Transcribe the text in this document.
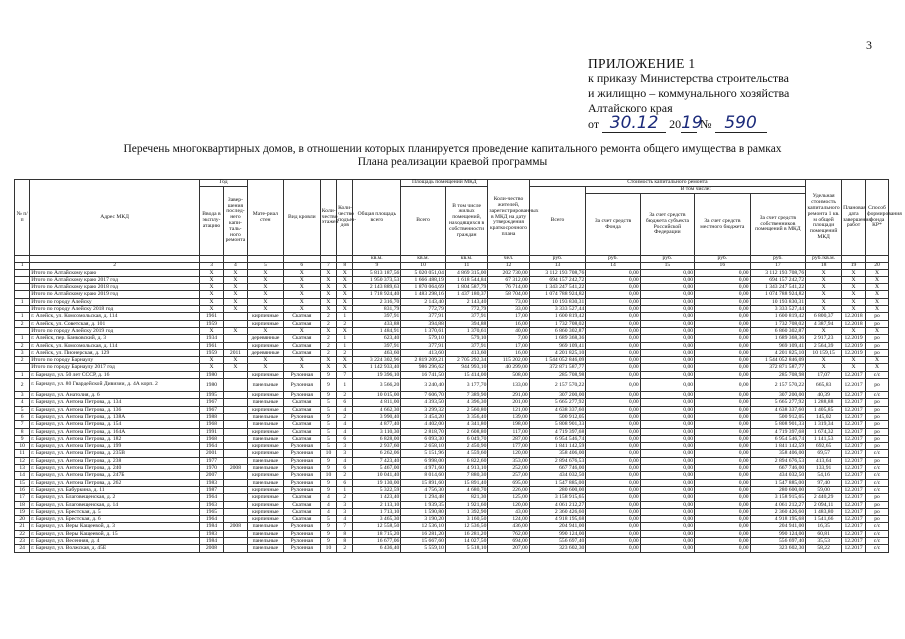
3
ПРИЛОЖЕНИЕ 1
к приказу Министерства строительства
и жилищно – коммунального хозяйства
Алтайского края
от 30.12 2019 № 590
Перечень многоквартирных домов, в отношении которых планируется проведение капитального ремонта общего имущества в рамках
Плана реализации краевой программы
№ п/п	Адрес МКД	Год		Мате-риал стен	Вид кровли	Коли-чество этажей	Коли-чество подъез-дов	Общая площадь всего	Площадь помещений МКД		Коли-чество жителей, зарегистрированных в МКД на дату утверждения краткосрочного плана	Стоимость капитального ремонта					Удельная стоимость капитального ремонта 1 кв. м общей площади помещений МКД	Плановая дата завершения работ	Способ формирования фонда КР*
		Ввода в эксплу-атацию	Завер-шения послед-него капи-таль-ного ремонта						Всего	В том числе жилых помещений, находящихся в собственности граждан		Всего	В том числе:						
													За счет средств Фонда	За счет средств бюджета субъекта Российской Федерации	За счет средств местного бюджета	За счет средств собственников помещений в МКД			
								кв.м.	кв.м.	кв.м.	чел.	руб.	руб.	руб.	руб.	руб.	руб./кв.м.		
1	2	3	4	5	6	7	8	9	10	11	12	13	14	15	16	17	18	19	20
	Итого по Алтайскому краю	X	X	X	X	X	X	5 813 187,56	5 020 051,04	4 869 315,00	202 730,00	3 112 193 708,76	0,00	0,00	0,00	3 112 193 708,76	X	X	X
	Итого по Алтайскому краю 2017 год	X	X	X	X	X	X	1 950 373,53	1 666 488,19	1 618 544,84	67 312,00	694 157 242,72	0,00	0,00	0,00	694 157 242,72	X	X	X
	Итого по Алтайскому краю 2018 год	X	X	X	X	X	X	2 143 889,63	1 870 064,69	1 804 587,79	76 714,00	1 343 247 541,22	0,00	0,00	0,00	1 343 247 541,22	X	X	X
	Итого по Алтайскому краю 2019 год	X	X	X	X	X	X	1 718 924,40	1 483 298,16	1 437 180,37	58 704,00	1 074 788 924,82	0,00	0,00	0,00	1 074 788 924,82	X	X	X
1	Итого по городу Алейску	X	X	X	X	X	X	2 316,70	2 143,40	2 143,40	73,00	10 193 830,31	0,00	0,00	0,00	10 193 830,31	X	X	X
	Итого по городу Алейску 2018 год	X	X	X	X	X	X	831,79	772,79	772,79	33,00	3 333 527,44	0,00	0,00	0,00	3 333 527,44	X	X	X
1	г. Алейск, ул. Комсомольская, д. 114	1961		кирпичные	Скатная	2	1	397,91	377,91	377,91	17,00	1 600 819,42	0,00	0,00	0,00	1 600 819,42	6 800,37	12.2018	ро
2	г. Алейск, ул. Советская, д. 101	1959		кирпичные	Скатная	2	2	433,88	394,88	394,88	16,00	1 732 708,02	0,00	0,00	0,00	1 732 708,02	4 387,94	12.2018	ро
	Итого по городу Алейску 2019 год	X	X	X	X	X	X	1 484,91	1 370,61	1 370,61	40,00	6 860 302,87	0,00	0,00	0,00	6 860 302,87	X	X	X
1	г. Алейск, пер. Банковский, д. 3	1934		деревянные	Скатная	2	1	623,40	579,10	579,10	7,00	1 689 368,36	0,00	0,00	0,00	1 689 368,36	2 917,23	12.2019	ро
2	г. Алейск, ул. Комсомольская, д. 114	1961		кирпичные	Скатная	2	1	397,91	377,91	377,91	17,00	969 109,41	0,00	0,00	0,00	969 109,41	2 564,39	12.2019	ро
3	г. Алейск, ул. Пионерская, д. 129	1959	2011	деревянные	Скатная	2	2	463,60	413,60	413,60	16,00	4 201 825,10	0,00	0,00	0,00	4 201 825,10	10 159,15	12.2019	ро
2	Итого по городу Барнаулу	X	X	X	X	X	X	3 224 302,96	2 819 209,21	2 705 292,34	115 202,00	1 544 052 846,09	0,00	0,00	0,00	1 544 052 846,09	X	X	X
	Итого по городу Барнаулу 2017 год	X	X	X	X	X	X	1 142 933,40	986 296,62	944 993,10	40 299,00	372 871 587,77	0,00	0,00	0,00	372 871 587,77	X	X	X
1	г. Барнаул, ул. 50 лет СССР, д. 16	1980		кирпичные	Рулонная	9	7	19 396,10	16 741,50	15 414,00	508,00	285 708,98	0,00	0,00	0,00	285 708,98	17,07	12.2017	с/с
2	г. Барнаул, ул. 80 Гвардейской Дивизии, д. 4А корп. 2	1980		панельные	Рулонная	9	1	3 566,20	3 240,40	3 177,70	133,00	2 157 570,22	0,00	0,00	0,00	2 157 570,22	665,83	12.2017	ро
3	г. Барнаул, ул. Анатолия, д. 6	1995		кирпичные	Рулонная	9	2	10 015,00	7 606,70	7 389,90	291,00	307 200,00	0,00	0,00	0,00	307 200,00	40,39	12.2017	с/с
4	г. Барнаул, ул. Антона Петрова, д. 134	1967		панельные	Скатная	5	6	4 811,00	4 393,50	4 396,30	201,00	5 665 277,92	0,00	0,00	0,00	5 665 277,92	1 288,88	12.2017	ро
5	г. Барнаул, ул. Антона Петрова, д. 136	1967		кирпичные	Скатная	5	4	4 662,30	3 299,32	2 560,80	121,00	4 638 337,60	0,00	0,00	0,00	4 638 337,60	1 405,85	12.2017	ро
6	г. Барнаул, ул. Антона Петрова, д. 138А	1988		панельные	Рулонная	9	2	3 990,40	3 454,20	3 356,40	139,00	500 912,05	0,00	0,00	0,00	500 912,05	145,02	12.2017	ро
7	г. Барнаул, ул. Антона Петрова, д. 154	1968		панельные	Скатная	5	4	4 877,40	4 402,00	4 341,80	198,00	5 808 901,33	0,00	0,00	0,00	5 808 901,33	1 319,34	12.2017	ро
8	г. Барнаул, ул. Антона Петрова, д. 164А	1991		кирпичные	Скатная	5	4	3 110,30	2 818,70	2 608,80	117,00	4 719 397,68	0,00	0,00	0,00	4 719 397,68	1 674,32	12.2017	ро
9	г. Барнаул, ул. Антона Петрова, д. 182	1968		панельные	Скатная	5	6	6 828,00	6 093,30	6 049,70	287,00	6 954 546,74	0,00	0,00	0,00	6 954 546,74	1 141,53	12.2017	ро
10	г. Барнаул, ул. Антона Петрова, д. 199	1964		кирпичные	Рулонная	5	3	2 937,60	2 658,10	2 450,90	177,00	1 841 142,59	0,00	0,00	0,00	1 841 142,59	692,65	12.2017	ро
11	г. Барнаул, ул. Антона Петрова, д. 235В	2001		кирпичные	Рулонная	10	3	6 262,06	5 151,96	4 559,60	120,00	358 406,00	0,00	0,00	0,00	358 406,00	69,57	12.2017	с/с
12	г. Барнаул, ул. Антона Петрова, д. 238	1977		панельные	Рулонная	9	4	7 423,40	6 998,00	6 822,60	353,00	2 894 676,53	0,00	0,00	0,00	2 894 676,53	413,64	12.2017	ро
13	г. Барнаул, ул. Антона Петрова, д. 240	1970	2008	панельные	Рулонная	9	6	5 467,00	4 971,60	4 913,10	252,00	667 746,00	0,00	0,00	0,00	667 746,00	133,91	12.2017	с/с
14	г. Барнаул, ул. Антона Петрова, д. 247Б	2007		кирпичные	Рулонная	10	2	10 041,40	8 014,60	7 880,30	257,00	434 032,50	0,00	0,00	0,00	434 032,50	54,16	12.2017	с/с
15	г. Барнаул, ул. Антона Петрова, д. 262	1983		панельные	Рулонная	9	6	19 130,00	15 891,60	15 891,40	695,00	1 547 885,00	0,00	0,00	0,00	1 547 885,00	97,40	12.2017	с/с
16	г. Барнаул, ул. Бабуркина, д. 11	1987		кирпичные	Рулонная	9	1	5 322,59	4 756,30	4 680,70	226,00	280 600,00	0,00	0,00	0,00	280 600,00	59,00	12.2017	с/с
17	г. Барнаул, ул. Благовещенская, д. 2	1964		кирпичные	Скатная	4	2	1 423,40	1 294,48	821,30	125,00	3 158 915,65	0,00	0,00	0,00	3 158 915,65	2 440,29	12.2017	ро
18	г. Барнаул, ул. Благовещенская, д. 14	1963		кирпичные	Скатная	4	3	2 113,10	1 939,35	1 921,60	120,00	4 061 212,27	0,00	0,00	0,00	4 061 212,27	2 094,11	12.2017	ро
19	г. Барнаул, ул. Брестская, д. 5	1965		кирпичные	Скатная	4	3	1 713,10	1 590,80	1 392,90	43,00	2 360 426,60	0,00	0,00	0,00	2 360 426,60	1 483,80	12.2017	ро
20	г. Барнаул, ул. Брестская, д. 6	1964		кирпичные	Скатная	5	4	3 465,30	3 190,20	3 160,50	124,00	4 918 195,68	0,00	0,00	0,00	4 918 195,68	1 541,66	12.2017	ро
21	г. Барнаул, ул. Веры Кащеевой, д. 3	1984	2008	панельные	Рулонная	9	7	12 558,50	12 536,10	12 536,50	436,00	204 941,00	0,00	0,00	0,00	204 941,00	16,35	12.2017	с/с
22	г. Барнаул, ул. Веры Кащеевой, д. 15	1983		панельные	Рулонная	9	8	18 715,20	16 281,20	16 281,20	762,00	990 124,00	0,00	0,00	0,00	990 124,00	60,81	12.2017	с/с
23	г. Барнаул, ул. Весенняя, д. 4	1984		панельные	Рулонная	9	8	16 677,06	15 667,60	14 027,50	694,00	556 697,40	0,00	0,00	0,00	556 697,40	35,53	12.2017	с/с
24	г. Барнаул, ул. Волжская, д. 45Е	2008		панельные	Рулонная	10	2	6 436,40	5 559,10	5 518,10	207,00	323 602,30	0,00	0,00	0,00	323 602,30	58,22	12.2017	с/с
